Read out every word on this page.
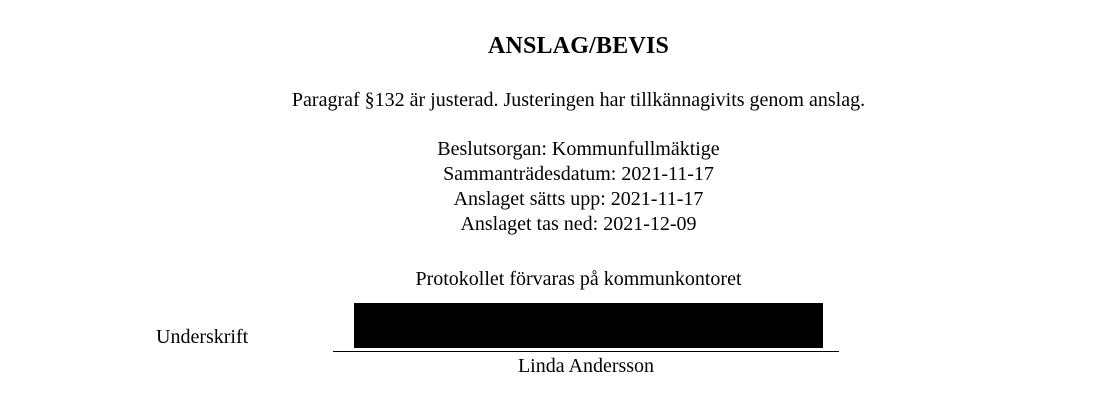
ANSLAG/BEVIS
Paragraf §132 är justerad. Justeringen har tillkännagivits genom anslag.
Beslutsorgan: Kommunfullmäktige
Sammanträdesdatum: 2021-11-17
Anslaget sätts upp: 2021-11-17
Anslaget tas ned: 2021-12-09
Protokollet förvaras på kommunkontoret
Underskrift
Linda Andersson
